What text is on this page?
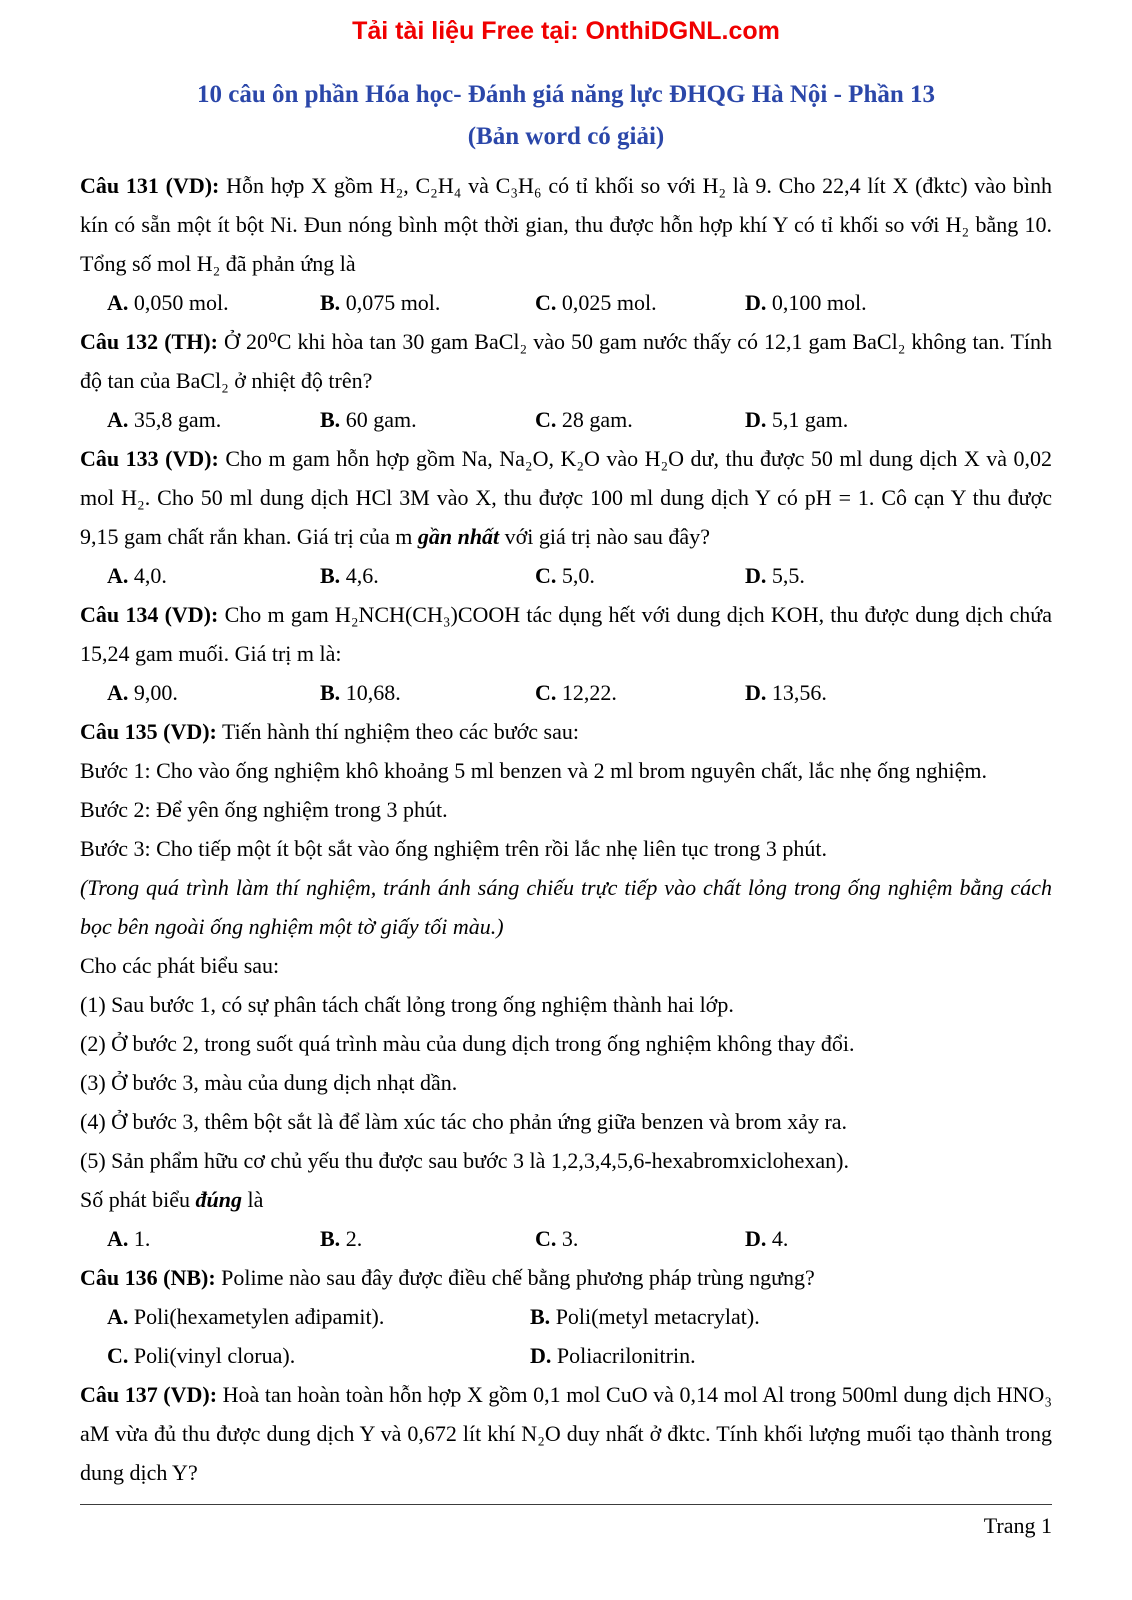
Tải tài liệu Free tại: OnthiDGNL.com
10 câu ôn phần Hóa học- Đánh giá năng lực ĐHQG Hà Nội - Phần 13
(Bản word có giải)

Câu 131 (VD): Hỗn hợp X gồm H₂, C₂H₄ và C₃H₆ có tỉ khối so với H₂ là 9. Cho 22,4 lít X (đktc) vào bình kín có sẵn một ít bột Ni. Đun nóng bình một thời gian, thu được hỗn hợp khí Y có tỉ khối so với H₂ bằng 10. Tổng số mol H₂ đã phản ứng là

A. 0,050 mol.	B. 0,075 mol.	C. 0,025 mol.	D. 0,100 mol.

Câu 132 (TH): Ở 20⁰C khi hòa tan 30 gam BaCl₂ vào 50 gam nước thấy có 12,1 gam BaCl₂ không tan. Tính độ tan của BaCl₂ ở nhiệt độ trên?

A. 35,8 gam.	B. 60 gam.	C. 28 gam.	D. 5,1 gam.

Câu 133 (VD): Cho m gam hỗn hợp gồm Na, Na₂O, K₂O vào H₂O dư, thu được 50 ml dung dịch X và 0,02 mol H₂. Cho 50 ml dung dịch HCl 3M vào X, thu được 100 ml dung dịch Y có pH = 1. Cô cạn Y thu được 9,15 gam chất rắn khan. Giá trị của m gần nhất với giá trị nào sau đây?

A. 4,0.	B. 4,6.	C. 5,0.	D. 5,5.

Câu 134 (VD): Cho m gam H₂NCH(CH₃)COOH tác dụng hết với dung dịch KOH, thu được dung dịch chứa 15,24 gam muối. Giá trị m là:

A. 9,00.	B. 10,68.	C. 12,22.	D. 13,56.

Câu 135 (VD): Tiến hành thí nghiệm theo các bước sau:

Bước 1: Cho vào ống nghiệm khô khoảng 5 ml benzen và 2 ml brom nguyên chất, lắc nhẹ ống nghiệm.

Bước 2: Để yên ống nghiệm trong 3 phút.

Bước 3: Cho tiếp một ít bột sắt vào ống nghiệm trên rồi lắc nhẹ liên tục trong 3 phút.

(Trong quá trình làm thí nghiệm, tránh ánh sáng chiếu trực tiếp vào chất lỏng trong ống nghiệm bằng cách bọc bên ngoài ống nghiệm một tờ giấy tối màu.)

Cho các phát biểu sau:

(1) Sau bước 1, có sự phân tách chất lỏng trong ống nghiệm thành hai lớp.

(2) Ở bước 2, trong suốt quá trình màu của dung dịch trong ống nghiệm không thay đổi.

(3) Ở bước 3, màu của dung dịch nhạt dần.

(4) Ở bước 3, thêm bột sắt là để làm xúc tác cho phản ứng giữa benzen và brom xảy ra.

(5) Sản phẩm hữu cơ chủ yếu thu được sau bước 3 là 1,2,3,4,5,6-hexabromxiclohexan).

Số phát biểu đúng là

A. 1.	B. 2.	C. 3.	D. 4.

Câu 136 (NB): Polime nào sau đây được điều chế bằng phương pháp trùng ngưng?

A. Poli(hexametylen ađipamit).	B. Poli(metyl metacrylat).
C. Poli(vinyl clorua).	D. Poliacrilonitrin.

Câu 137 (VD): Hoà tan hoàn toàn hỗn hợp X gồm 0,1 mol CuO và 0,14 mol Al trong 500ml dung dịch HNO₃ aM vừa đủ thu được dung dịch Y và 0,672 lít khí N₂O duy nhất ở đktc. Tính khối lượng muối tạo thành trong dung dịch Y?

Trang 1
